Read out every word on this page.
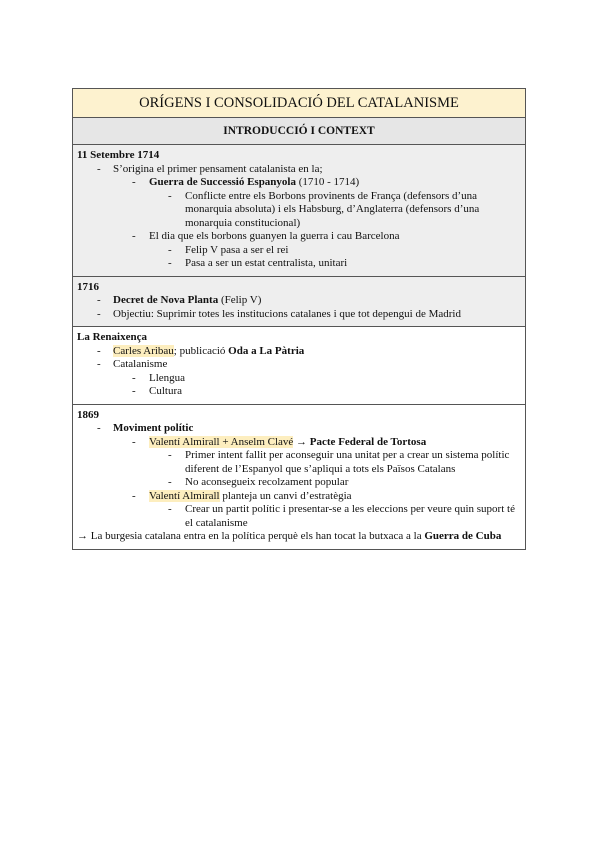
ORÍGENS I CONSOLIDACIÓ DEL CATALANISME
INTRODUCCIÓ I CONTEXT
11 Setembre 1714
- S’origina el primer pensament catalanista en la;
- Guerra de Successió Espanyola (1710 - 1714)
- Conflicte entre els Borbons provinents de França (defensors d’una monarquia absoluta) i els Habsburg, d’Anglaterra (defensors d’una monarquia constitucional)
- El dia que els borbons guanyen la guerra i cau Barcelona
- Felip V pasa a ser el rei
- Pasa a ser un estat centralista, unitari
1716
- Decret de Nova Planta (Felip V)
- Objectiu: Suprimir totes les institucions catalanes i que tot depengui de Madrid
La Renaixença
- Carles Aribau; publicació Oda a La Pàtria
- Catalanisme
- Llengua
- Cultura
1869
- Moviment polític
- Valentí Almirall + Anselm Clavé → Pacte Federal de Tortosa
- Primer intent fallit per aconseguir una unitat per a crear un sistema polític diferent de l’Espanyol que s’apliqui a tots els Països Catalans
- No aconsegueix recolzament popular
- Valentí Almirall planteja un canvi d’estratègia
- Crear un partit polític i presentar-se a les eleccions per veure quin suport té el catalanisme
→ La burgesia catalana entra en la política perquè els han tocat la butxaca a la Guerra de Cuba
